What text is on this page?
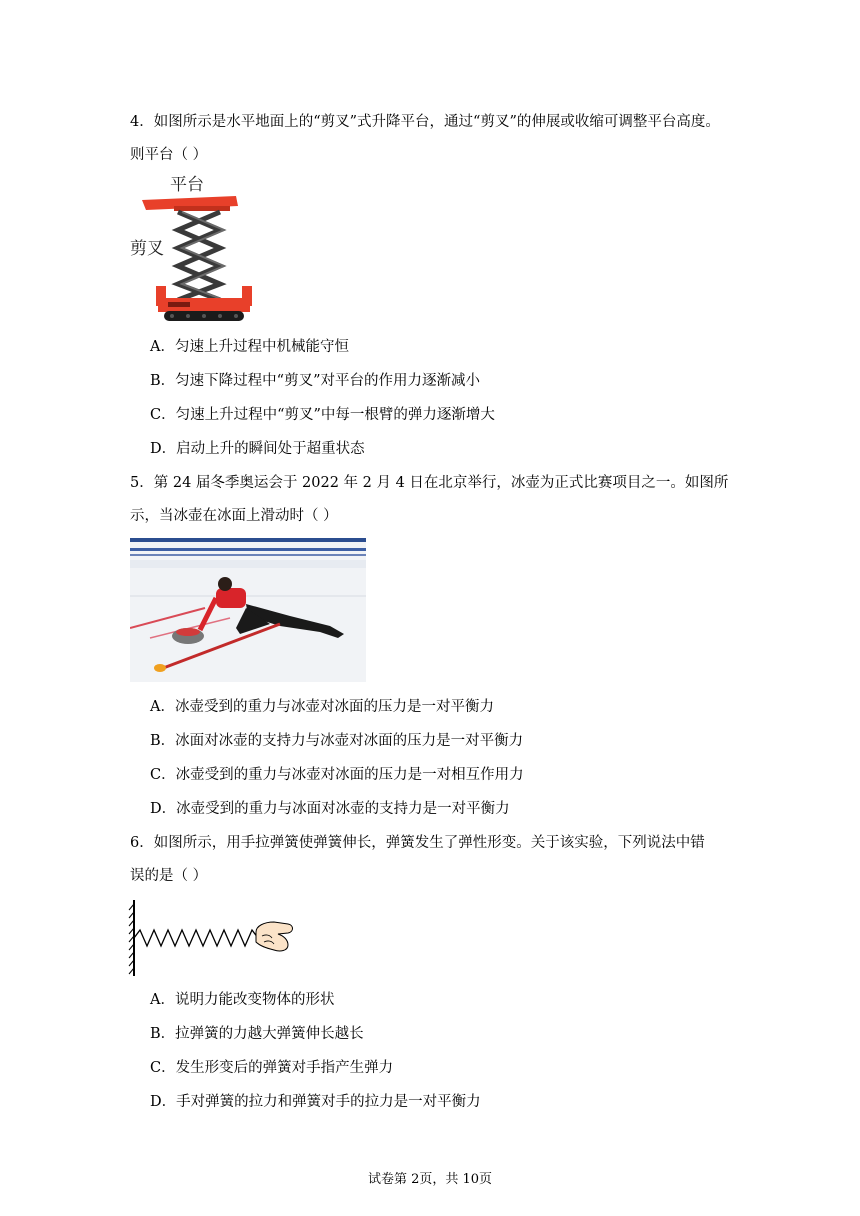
4．如图所示是水平地面上的“剪叉”式升降平台，通过“剪叉”的伸展或收缩可调整平台高度。
则平台（ ）
平台
剪叉
A．匀速上升过程中机械能守恒
B．匀速下降过程中“剪叉”对平台的作用力逐渐减小
C．匀速上升过程中“剪叉”中每一根臂的弹力逐渐增大
D．启动上升的瞬间处于超重状态
5．第 24 届冬季奥运会于 2022 年 2 月 4 日在北京举行，冰壶为正式比赛项目之一。如图所
示，当冰壶在冰面上滑动时（ ）
A．冰壶受到的重力与冰壶对冰面的压力是一对平衡力
B．冰面对冰壶的支持力与冰壶对冰面的压力是一对平衡力
C．冰壶受到的重力与冰壶对冰面的压力是一对相互作用力
D．冰壶受到的重力与冰面对冰壶的支持力是一对平衡力
6．如图所示，用手拉弹簧使弹簧伸长，弹簧发生了弹性形变。关于该实验，下列说法中错
误的是（ ）
A．说明力能改变物体的形状
B．拉弹簧的力越大弹簧伸长越长
C．发生形变后的弹簧对手指产生弹力
D．手对弹簧的拉力和弹簧对手的拉力是一对平衡力
试卷第 2页，共 10页
